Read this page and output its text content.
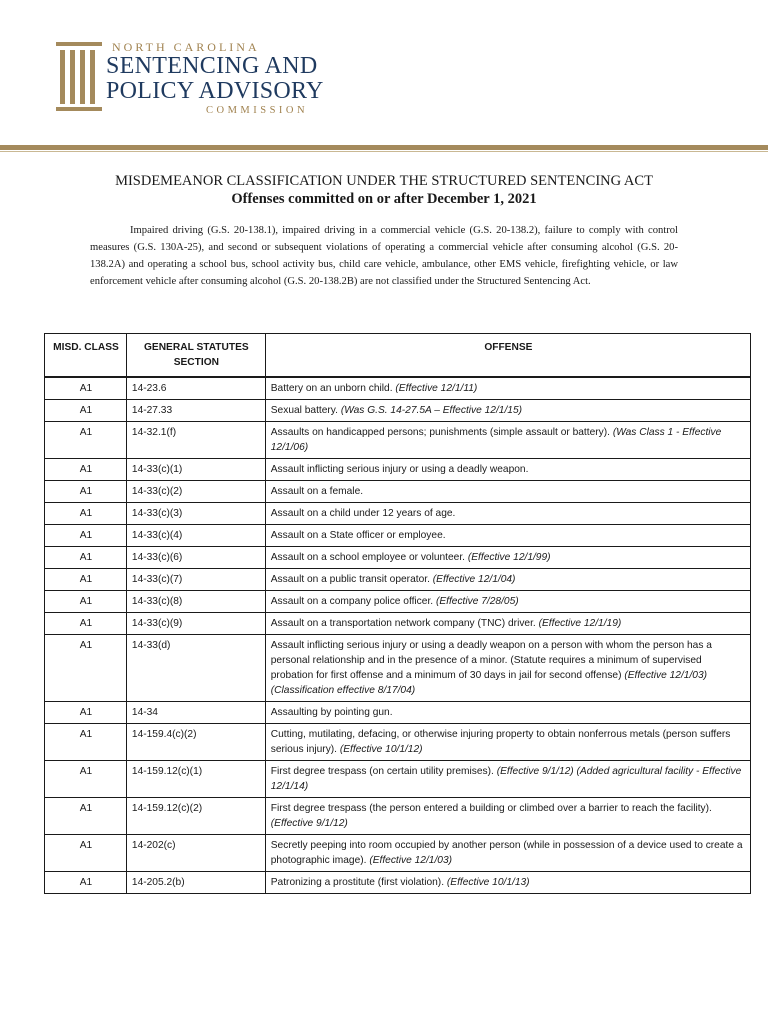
NORTH CAROLINA
SENTENCING AND
POLICY ADVISORY
COMMISSION
MISDEMEANOR CLASSIFICATION UNDER THE STRUCTURED SENTENCING ACT
Offenses committed on or after December 1, 2021
Impaired driving (G.S. 20-138.1), impaired driving in a commercial vehicle (G.S. 20-138.2), failure to comply with control measures (G.S. 130A-25), and second or subsequent violations of operating a commercial vehicle after consuming alcohol (G.S. 20-138.2A) and operating a school bus, school activity bus, child care vehicle, ambulance, other EMS vehicle, firefighting vehicle, or law enforcement vehicle after consuming alcohol (G.S. 20-138.2B) are not classified under the Structured Sentencing Act.
MISD. CLASS	GENERAL STATUTES SECTION	OFFENSE
A1	14-23.6	Battery on an unborn child. (Effective 12/1/11)
A1	14-27.33	Sexual battery. (Was G.S. 14-27.5A – Effective 12/1/15)
A1	14-32.1(f)	Assaults on handicapped persons; punishments (simple assault or battery). (Was Class 1 - Effective 12/1/06)
A1	14-33(c)(1)	Assault inflicting serious injury or using a deadly weapon.
A1	14-33(c)(2)	Assault on a female.
A1	14-33(c)(3)	Assault on a child under 12 years of age.
A1	14-33(c)(4)	Assault on a State officer or employee.
A1	14-33(c)(6)	Assault on a school employee or volunteer. (Effective 12/1/99)
A1	14-33(c)(7)	Assault on a public transit operator. (Effective 12/1/04)
A1	14-33(c)(8)	Assault on a company police officer. (Effective 7/28/05)
A1	14-33(c)(9)	Assault on a transportation network company (TNC) driver. (Effective 12/1/19)
A1	14-33(d)	Assault inflicting serious injury or using a deadly weapon on a person with whom the person has a personal relationship and in the presence of a minor. (Statute requires a minimum of supervised probation for first offense and a minimum of 30 days in jail for second offense) (Effective 12/1/03) (Classification effective 8/17/04)
A1	14-34	Assaulting by pointing gun.
A1	14-159.4(c)(2)	Cutting, mutilating, defacing, or otherwise injuring property to obtain nonferrous metals (person suffers serious injury). (Effective 10/1/12)
A1	14-159.12(c)(1)	First degree trespass (on certain utility premises). (Effective 9/1/12) (Added agricultural facility - Effective 12/1/14)
A1	14-159.12(c)(2)	First degree trespass (the person entered a building or climbed over a barrier to reach the facility). (Effective 9/1/12)
A1	14-202(c)	Secretly peeping into room occupied by another person (while in possession of a device used to create a photographic image). (Effective 12/1/03)
A1	14-205.2(b)	Patronizing a prostitute (first violation). (Effective 10/1/13)
